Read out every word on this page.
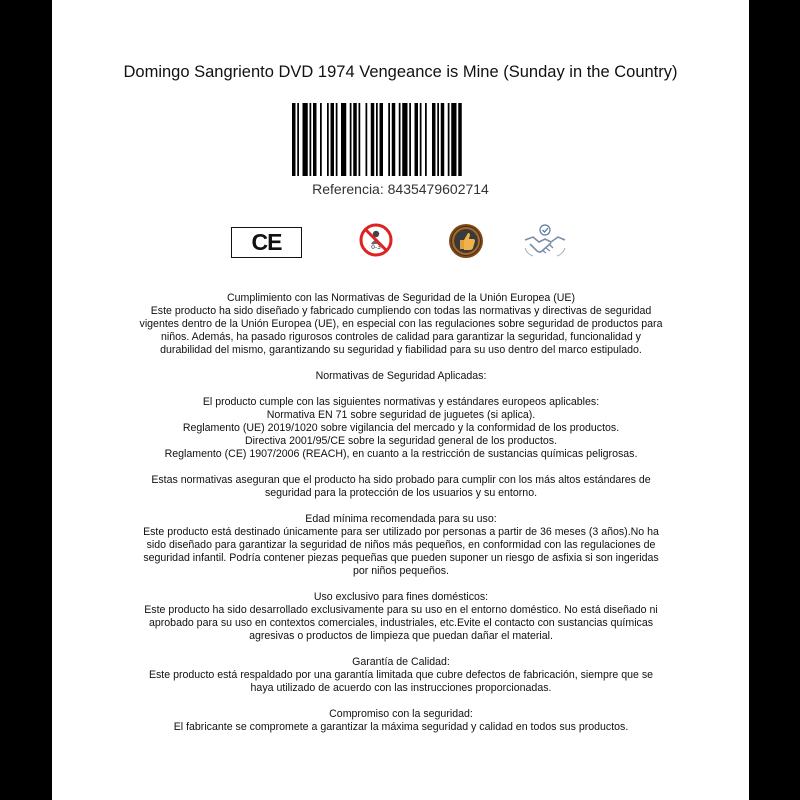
Domingo Sangriento DVD 1974 Vengeance is Mine (Sunday in the Country)
Referencia: 8435479602714
CE	0-3

Cumplimiento con las Normativas de Seguridad de la Unión Europea (UE)

Este producto ha sido diseñado y fabricado cumpliendo con todas las normativas y directivas de seguridad

vigentes dentro de la Unión Europea (UE), en especial con las regulaciones sobre seguridad de productos para

niños. Además, ha pasado rigurosos controles de calidad para garantizar la seguridad, funcionalidad y

durabilidad del mismo, garantizando su seguridad y fiabilidad para su uso dentro del marco estipulado.

Normativas de Seguridad Aplicadas:

El producto cumple con las siguientes normativas y estándares europeos aplicables:

Normativa EN 71 sobre seguridad de juguetes (si aplica).

Reglamento (UE) 2019/1020 sobre vigilancia del mercado y la conformidad de los productos.

Directiva 2001/95/CE sobre la seguridad general de los productos.

Reglamento (CE) 1907/2006 (REACH), en cuanto a la restricción de sustancias químicas peligrosas.

Estas normativas aseguran que el producto ha sido probado para cumplir con los más altos estándares de

seguridad para la protección de los usuarios y su entorno.

Edad mínima recomendada para su uso:

Este producto está destinado únicamente para ser utilizado por personas a partir de 36 meses (3 años).No ha

sido diseñado para garantizar la seguridad de niños más pequeños, en conformidad con las regulaciones de

seguridad infantil. Podría contener piezas pequeñas que pueden suponer un riesgo de asfixia si son ingeridas

por niños pequeños.

Uso exclusivo para fines domésticos:

Este producto ha sido desarrollado exclusivamente para su uso en el entorno doméstico. No está diseñado ni

aprobado para su uso en contextos comerciales, industriales, etc.Evite el contacto con sustancias químicas

agresivas o productos de limpieza que puedan dañar el material.

Garantía de Calidad:

Este producto está respaldado por una garantía limitada que cubre defectos de fabricación, siempre que se

haya utilizado de acuerdo con las instrucciones proporcionadas.

Compromiso con la seguridad:

El fabricante se compromete a garantizar la máxima seguridad y calidad en todos sus productos.
